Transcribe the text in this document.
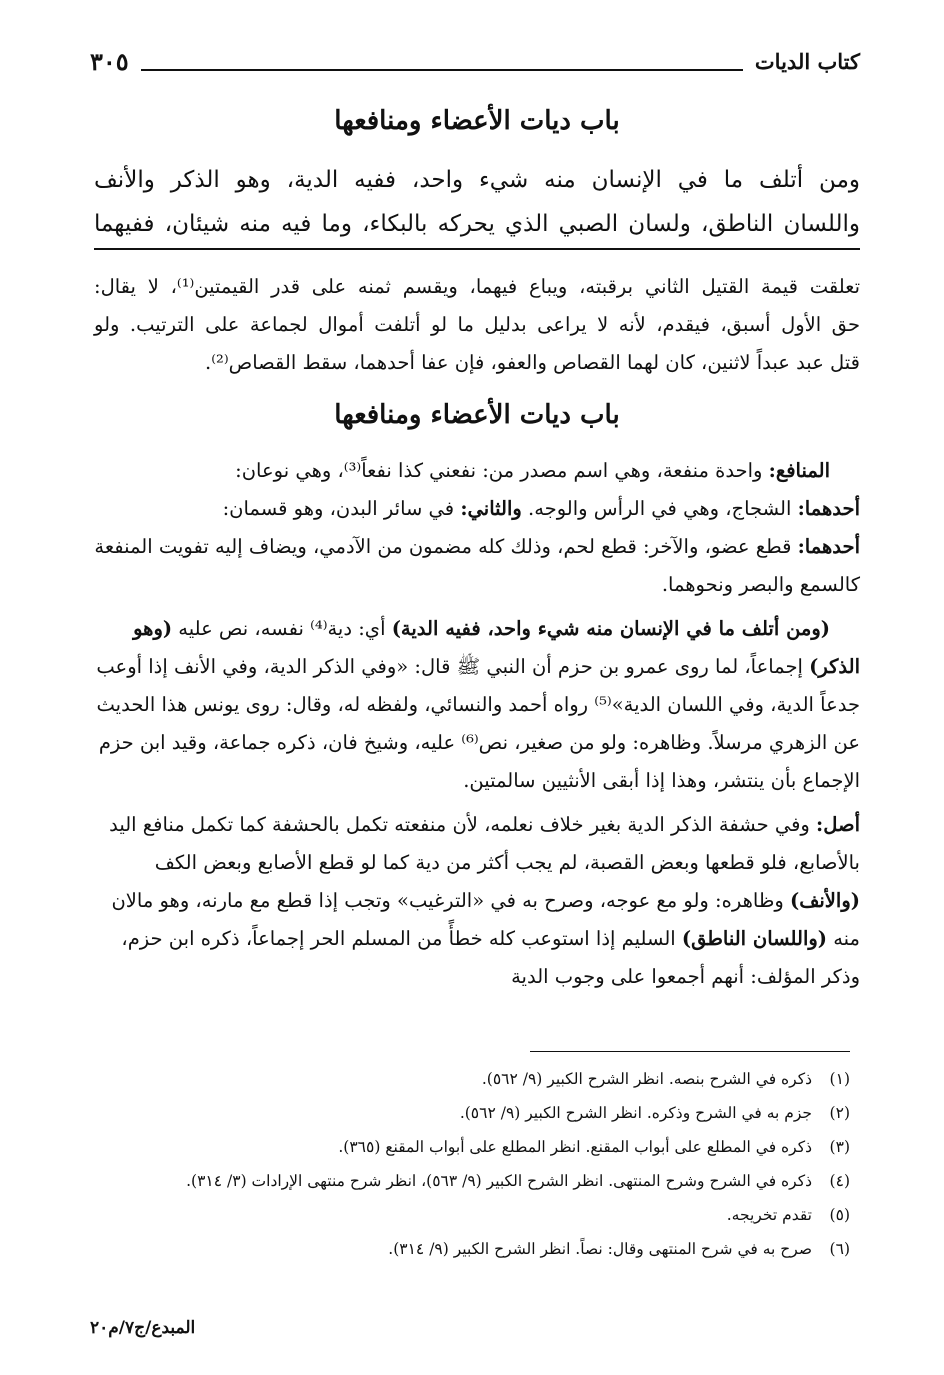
كتاب الديات
٣٠٥
باب ديات الأعضاء ومنافعها
ومن أتلف ما في الإنسان منه شيء واحد، ففيه الدية، وهو الذكر والأنف
واللسان الناطق، ولسان الصبي الذي يحركه بالبكاء، وما فيه منه شيئان، ففيهما
تعلقت قيمة القتيل الثاني برقبته، ويباع فيهما، ويقسم ثمنه على قدر القيمتين⁽¹⁾، لا يقال:
حق الأول أسبق، فيقدم، لأنه لا يراعى بدليل ما لو أتلفت أموال لجماعة على الترتيب. ولو
قتل عبد عبداً لاثنين، كان لهما القصاص والعفو، فإن عفا أحدهما، سقط القصاص⁽²⁾.
باب ديات الأعضاء ومنافعها

المنافع: واحدة منفعة، وهي اسم مصدر من: نفعني كذا نفعاً⁽³⁾، وهي نوعان:
أحدهما: الشجاج، وهي في الرأس والوجه. والثاني: في سائر البدن، وهو قسمان:
أحدهما: قطع عضو، والآخر: قطع لحم، وذلك كله مضمون من الآدمي، ويضاف إليه تفويت المنفعة كالسمع والبصر ونحوهما.

(ومن أتلف ما في الإنسان منه شيء واحد، ففيه الدية) أي: دية⁽⁴⁾ نفسه، نص عليه (وهو الذكر) إجماعاً، لما روى عمرو بن حزم أن النبي ﷺ قال: «وفي الذكر الدية، وفي الأنف إذا أوعب جدعاً الدية، وفي اللسان الدية»⁽⁵⁾ رواه أحمد والنسائي، ولفظه له، وقال: روى يونس هذا الحديث عن الزهري مرسلاً. وظاهره: ولو من صغير، نص⁽⁶⁾ عليه، وشيخ فان، ذكره جماعة، وقيد ابن حزم الإجماع بأن ينتشر، وهذا إذا أبقى الأنثيين سالمتين.

أصل: وفي حشفة الذكر الدية بغير خلاف نعلمه، لأن منفعته تكمل بالحشفة كما تكمل منافع اليد بالأصابع، فلو قطعها وبعض القصبة، لم يجب أكثر من دية كما لو قطع الأصابع وبعض الكف (والأنف) وظاهره: ولو مع عوجه، وصرح به في «الترغيب» وتجب إذا قطع مع مارنه، وهو مالان منه (واللسان الناطق) السليم إذا استوعب كله خطأً من المسلم الحر إجماعاً، ذكره ابن حزم، وذكر المؤلف: أنهم أجمعوا على وجوب الدية

(١)
ذكره في الشرح بنصه. انظر الشرح الكبير (٩/ ٥٦٢).
(٢)
جزم به في الشرح وذكره. انظر الشرح الكبير (٩/ ٥٦٢).
(٣)
ذكره في المطلع على أبواب المقنع. انظر المطلع على أبواب المقنع (٣٦٥).
(٤)
ذكره في الشرح وشرح المنتهى. انظر الشرح الكبير (٩/ ٥٦٣)، انظر شرح منتهى الإرادات (٣/ ٣١٤).
(٥)
تقدم تخريجه.
(٦)
صرح به في شرح المنتهى وقال: نصاً. انظر الشرح الكبير (٩/ ٣١٤).
المبدع/ج٧/م٢٠
